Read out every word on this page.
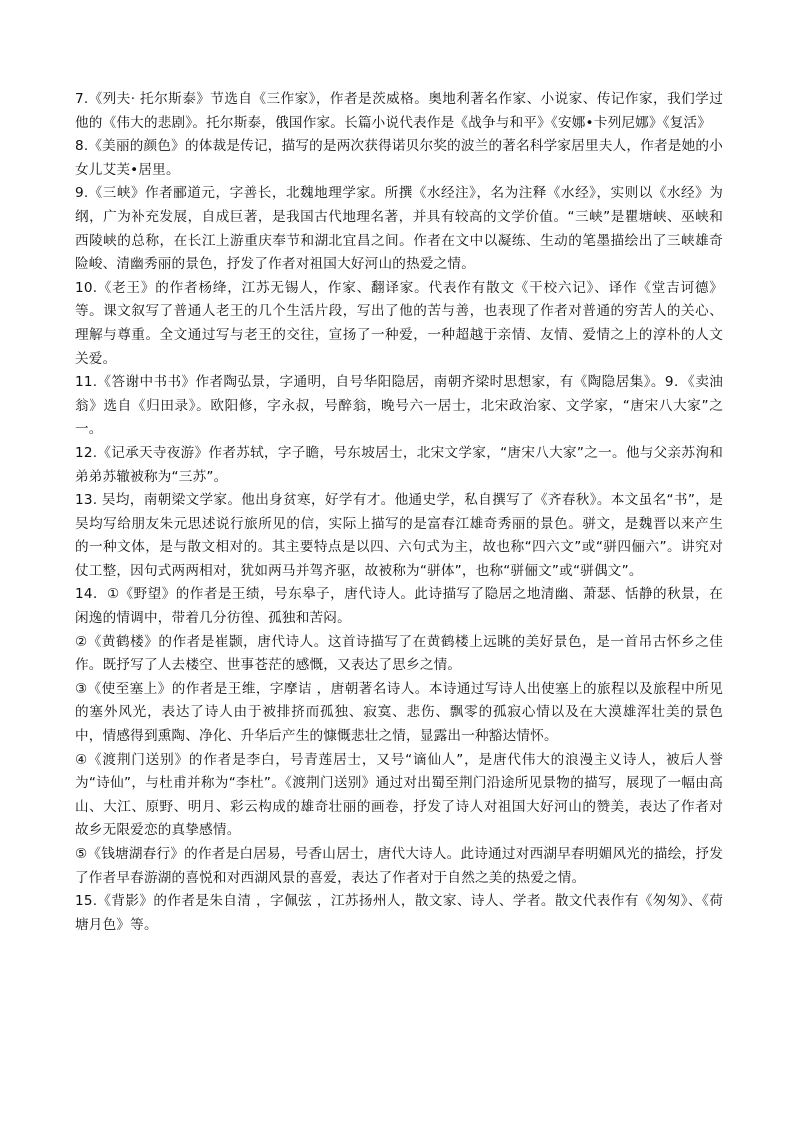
7.《列夫· 托尔斯泰》节选自《三作家》，作者是茨威格。奥地利著名作家、小说家、传记作家，我们学过他的《伟大的悲剧》。托尔斯泰，俄国作家。长篇小说代表作是《战争与和平》《安娜•卡列尼娜》《复活》

8.《美丽的颜色》的体裁是传记，描写的是两次获得诺贝尔奖的波兰的著名科学家居里夫人，作者是她的小女儿艾芙•居里。

9.《三峡》作者郦道元，字善长，北魏地理学家。所撰《水经注》，名为注释《水经》，实则以《水经》为纲，广为补充发展，自成巨著，是我国古代地理名著，并具有较高的文学价值。“三峡”是瞿塘峡、巫峡和西陵峡的总称，在长江上游重庆奉节和湖北宜昌之间。作者在文中以凝练、生动的笔墨描绘出了三峡雄奇险峻、清幽秀丽的景色，抒发了作者对祖国大好河山的热爱之情。

10.《老王》的作者杨绛，江苏无锡人，作家、翻译家。代表作有散文《干校六记》、译作《堂吉诃德》等。课文叙写了普通人老王的几个生活片段，写出了他的苦与善，也表现了作者对普通的穷苦人的关心、理解与尊重。全文通过写与老王的交往，宣扬了一种爱，一种超越于亲情、友情、爱情之上的淳朴的人文关爱。

11.《答谢中书书》作者陶弘景，字通明，自号华阳隐居，南朝齐梁时思想家，有《陶隐居集》。9．《卖油翁》选自《归田录》。欧阳修，字永叔，号醉翁，晚号六一居士，北宋政治家、文学家，“唐宋八大家”之一。

12.《记承天寺夜游》作者苏轼，字子瞻，号东坡居士，北宋文学家，“唐宋八大家”之一。他与父亲苏洵和弟弟苏辙被称为“三苏”。

13. 吴均，南朝梁文学家。他出身贫寒，好学有才。他通史学，私自撰写了《齐春秋》。本文虽名“书”，是吴均写给朋友朱元思述说行旅所见的信，实际上描写的是富春江雄奇秀丽的景色。骈文，是魏晋以来产生的一种文体，是与散文相对的。其主要特点是以四、六句式为主，故也称“四六文”或“骈四俪六”。讲究对仗工整，因句式两两相对，犹如两马并驾齐驱，故被称为“骈体”，也称“骈俪文”或“骈偶文”。

14．①《野望》的作者是王绩，号东皋子，唐代诗人。此诗描写了隐居之地清幽、萧瑟、恬静的秋景，在闲逸的情调中，带着几分彷徨、孤独和苦闷。

②《黄鹤楼》的作者是崔颢，唐代诗人。这首诗描写了在黄鹤楼上远眺的美好景色，是一首吊古怀乡之佳作。既抒写了人去楼空、世事苍茫的感慨，又表达了思乡之情。

③《使至塞上》的作者是王维，字摩诘 ，唐朝著名诗人。本诗通过写诗人出使塞上的旅程以及旅程中所见的塞外风光，表达了诗人由于被排挤而孤独、寂寞、悲伤、飘零的孤寂心情以及在大漠雄浑壮美的景色中，情感得到熏陶、净化、升华后产生的慷慨悲壮之情，显露出一种豁达情怀。

④《渡荆门送别》的作者是李白，号青莲居士，又号“谪仙人”，是唐代伟大的浪漫主义诗人，被后人誉为“诗仙”，与杜甫并称为“李杜”。《渡荆门送别》通过对出蜀至荆门沿途所见景物的描写，展现了一幅由高山、大江、原野、明月、彩云构成的雄奇壮丽的画卷，抒发了诗人对祖国大好河山的赞美，表达了作者对故乡无限爱恋的真挚感情。

⑤《钱塘湖春行》的作者是白居易，号香山居士，唐代大诗人。此诗通过对西湖早春明媚风光的描绘，抒发了作者早春游湖的喜悦和对西湖风景的喜爱，表达了作者对于自然之美的热爱之情。

15.《背影》的作者是朱自清 ，字佩弦 ，江苏扬州人，散文家、诗人、学者。散文代表作有《匆匆》、《荷塘月色》等。
